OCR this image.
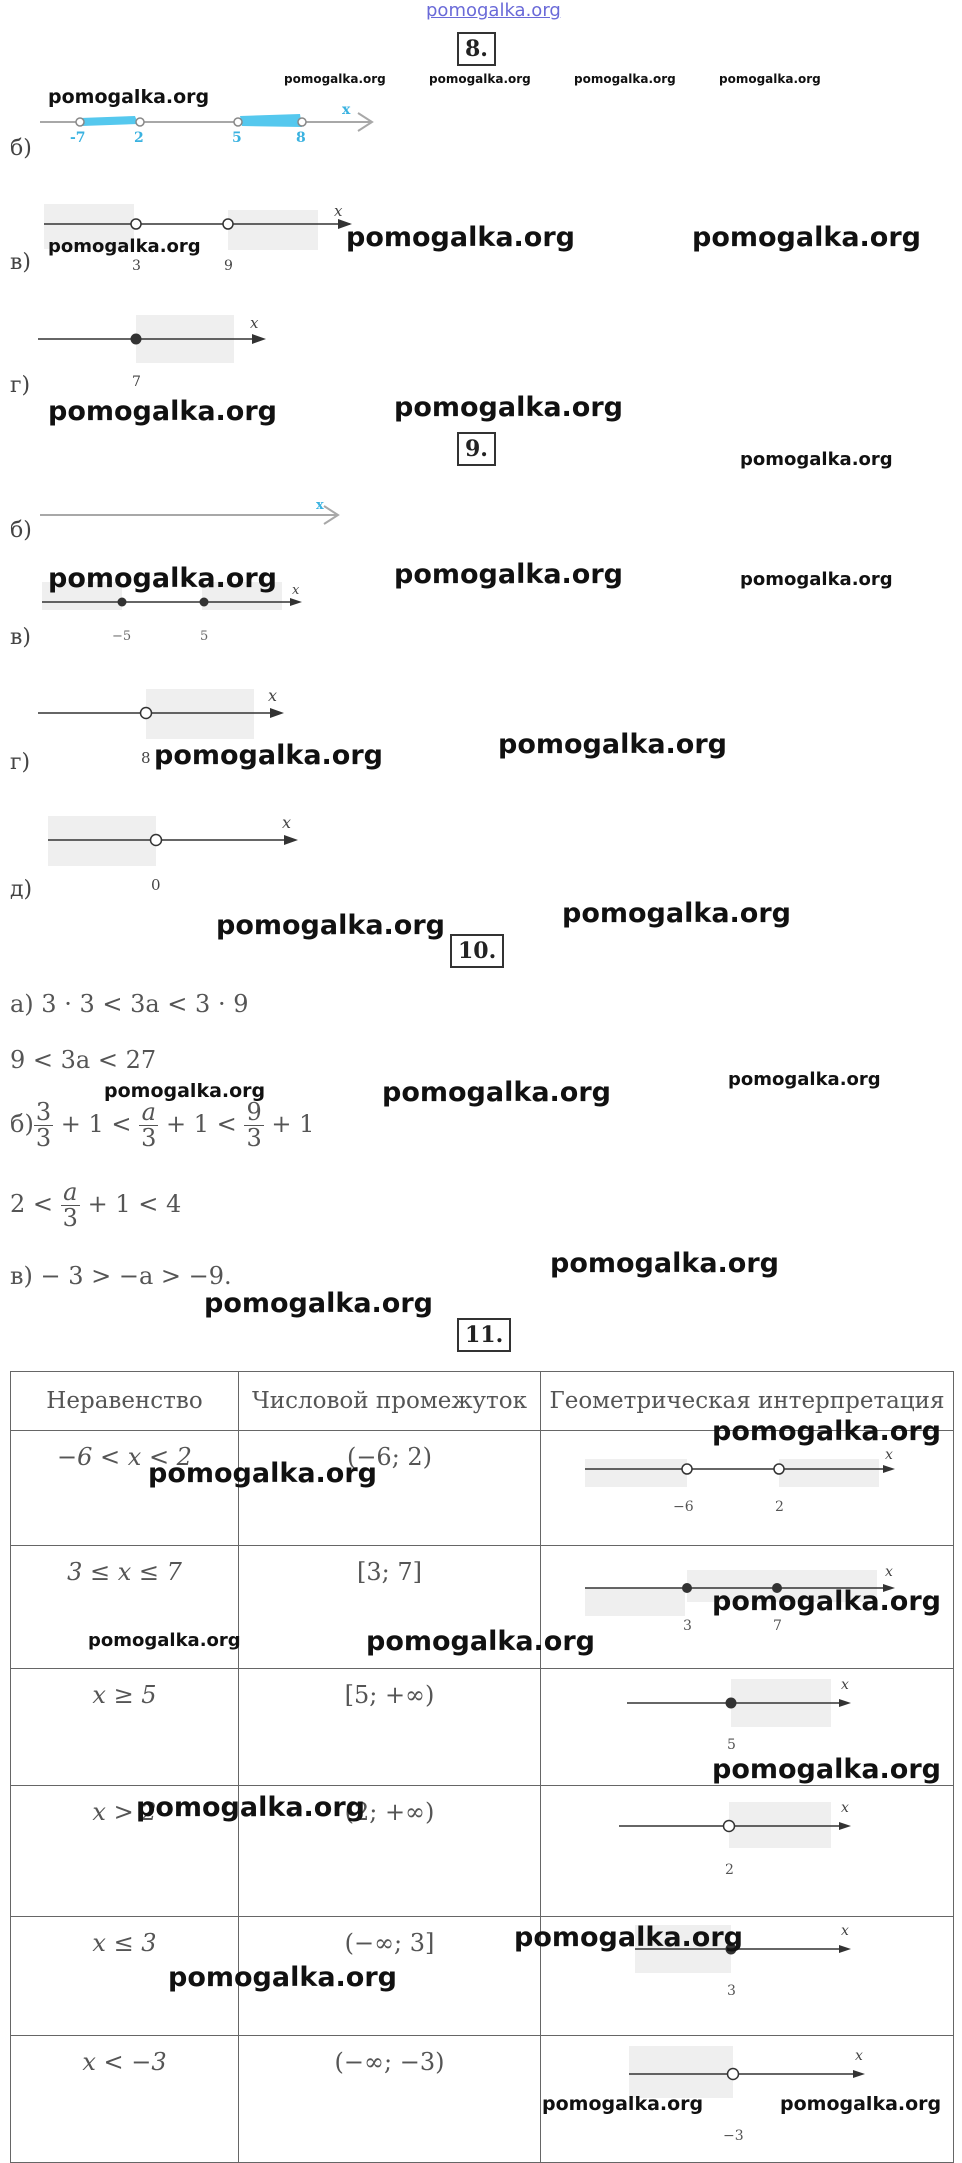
pomogalka.org
8.
-7	2	5	8
x
б)
3	9
x
в)
7
x
г)
9.
x
б)
−5	5
x
в)
8
x
г)
0
x
д)
10.
а) 3 · 3 < 3a < 3 · 9
9 < 3a < 27
$б) \frac{3}{3} + 1 < \frac{a}{3} + 1 < \frac{9}{3} + 1$
$2 < \frac{a}{3} + 1 < 4$
в) − 3 > −a > −9.
11.
Неравенство	Числовой промежуток	Геометрическая интерпретация

−6 < x < 2	(−6; 2)	−6 2
x

3 ≤ x ≤ 7	[3; 7]	3 7
x

x ≥ 5	[5; +∞)	5
x

x > 2	(2; +∞)	2
x

x ≤ 3	(−∞; 3]	3
x

x < −3	(−∞; −3)	−3
x
pomogalka.org	pomogalka.org	pomogalka.org	pomogalka.org
pomogalka.org
pomogalka.org	pomogalka.org	pomogalka.org
pomogalka.org	pomogalka.org
pomogalka.org
pomogalka.org	pomogalka.org	pomogalka.org
pomogalka.org	pomogalka.org
pomogalka.org	pomogalka.org
pomogalka.org	pomogalka.org	pomogalka.org
pomogalka.org
pomogalka.org
pomogalka.org
pomogalka.org
pomogalka.org
pomogalka.org	pomogalka.org
pomogalka.org
pomogalka.org
pomogalka.org
pomogalka.org
pomogalka.org	pomogalka.org
